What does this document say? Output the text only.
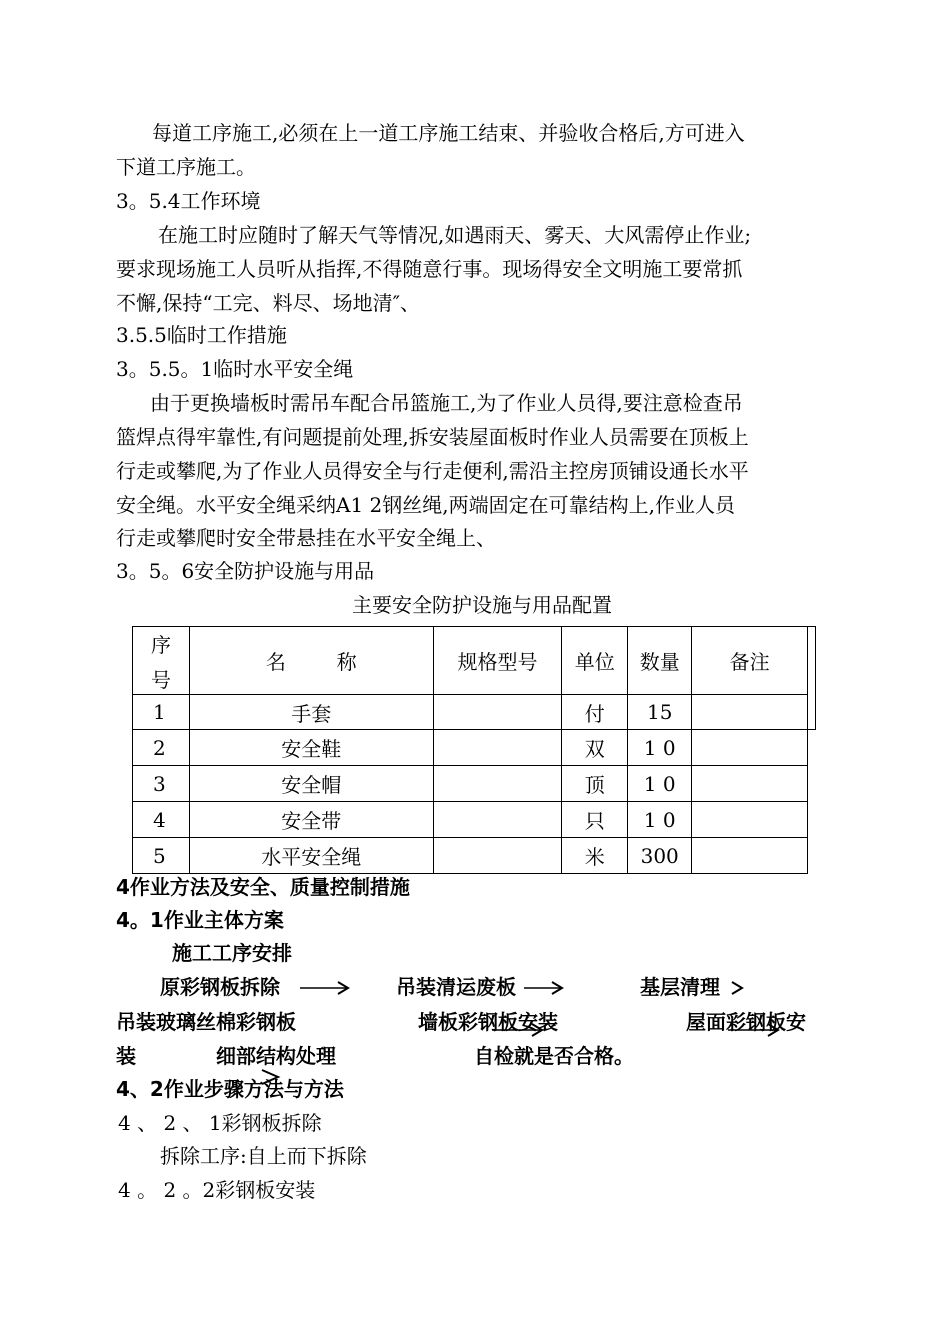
每道工序施工,必须在上一道工序施工结束、并验收合格后,方可进入
下道工序施工。
3。5.4工作环境
在施工时应随时了解天气等情况,如遇雨天、雾天、大风需停止作业;
要求现场施工人员听从指挥,不得随意行事。现场得安全文明施工要常抓
不懈,保持“工完、料尽、场地清″、
3.5.5临时工作措施
3。5.5。1临时水平安全绳
由于更换墙板时需吊车配合吊篮施工,为了作业人员得,要注意检查吊
篮焊点得牢靠性,有问题提前处理,拆安装屋面板时作业人员需要在顶板上
行走或攀爬,为了作业人员得安全与行走便利,需沿主控房顶铺设通长水平
安全绳。水平安全绳采纳A1 2钢丝绳,两端固定在可靠结构上,作业人员
行走或攀爬时安全带悬挂在水平安全绳上、
3。5。6安全防护设施与用品
主要安全防护设施与用品配置
序
号	名        称	规格型号	单位	数量	备注
1	手套		付	15	
2	安全鞋		双	1 0	
3	安全帽		顶	1 0	
4	安全带		只	1 0	
5	水平安全绳		米	300	
4作业方法及安全、质量控制措施
4。1作业主体方案
施工工序安排
原彩钢板拆除	吊装清运废板	基层清理
吊装玻璃丝棉彩钢板	墙板彩钢板安装	屋面彩钢板安
装	细部结构处理	自检就是否合格。
4、2作业步骤方法与方法
4 、 2 、 1彩钢板拆除
拆除工序:自上而下拆除
4 。 2 。2彩钢板安装
